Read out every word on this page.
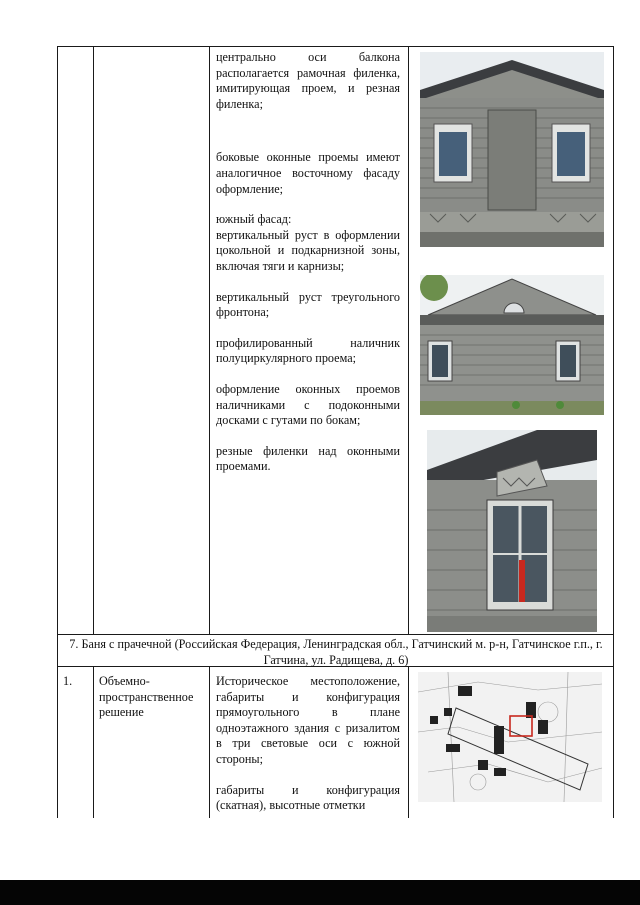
центрально оси балкона располагается рамочная филенка, имитирующая проем, и резная филенка;

боковые оконные проемы имеют аналогичное восточному фасаду оформление;

южный фасад:

вертикальный руст в оформлении цокольной и подкарнизной зоны, включая тяги и карнизы;

вертикальный руст треугольного фронтона;

профилированный наличник полуциркулярного проема;

оформление оконных проемов наличниками с подоконными досками с гутами по бокам;

резные филенки над оконными проемами.

7. Баня с прачечной (Российская Федерация, Ленинградская обл., Гатчинский м. р-н, Гатчинское г.п., г. Гатчина, ул. Радищева, д. 6)
1.	Объемно-пространственное решение

Историческое местоположение, габариты и конфигурация прямоугольного в плане одноэтажного здания с ризалитом в три световые оси с южной стороны;

габариты и конфигурация (скатная), высотные отметки
